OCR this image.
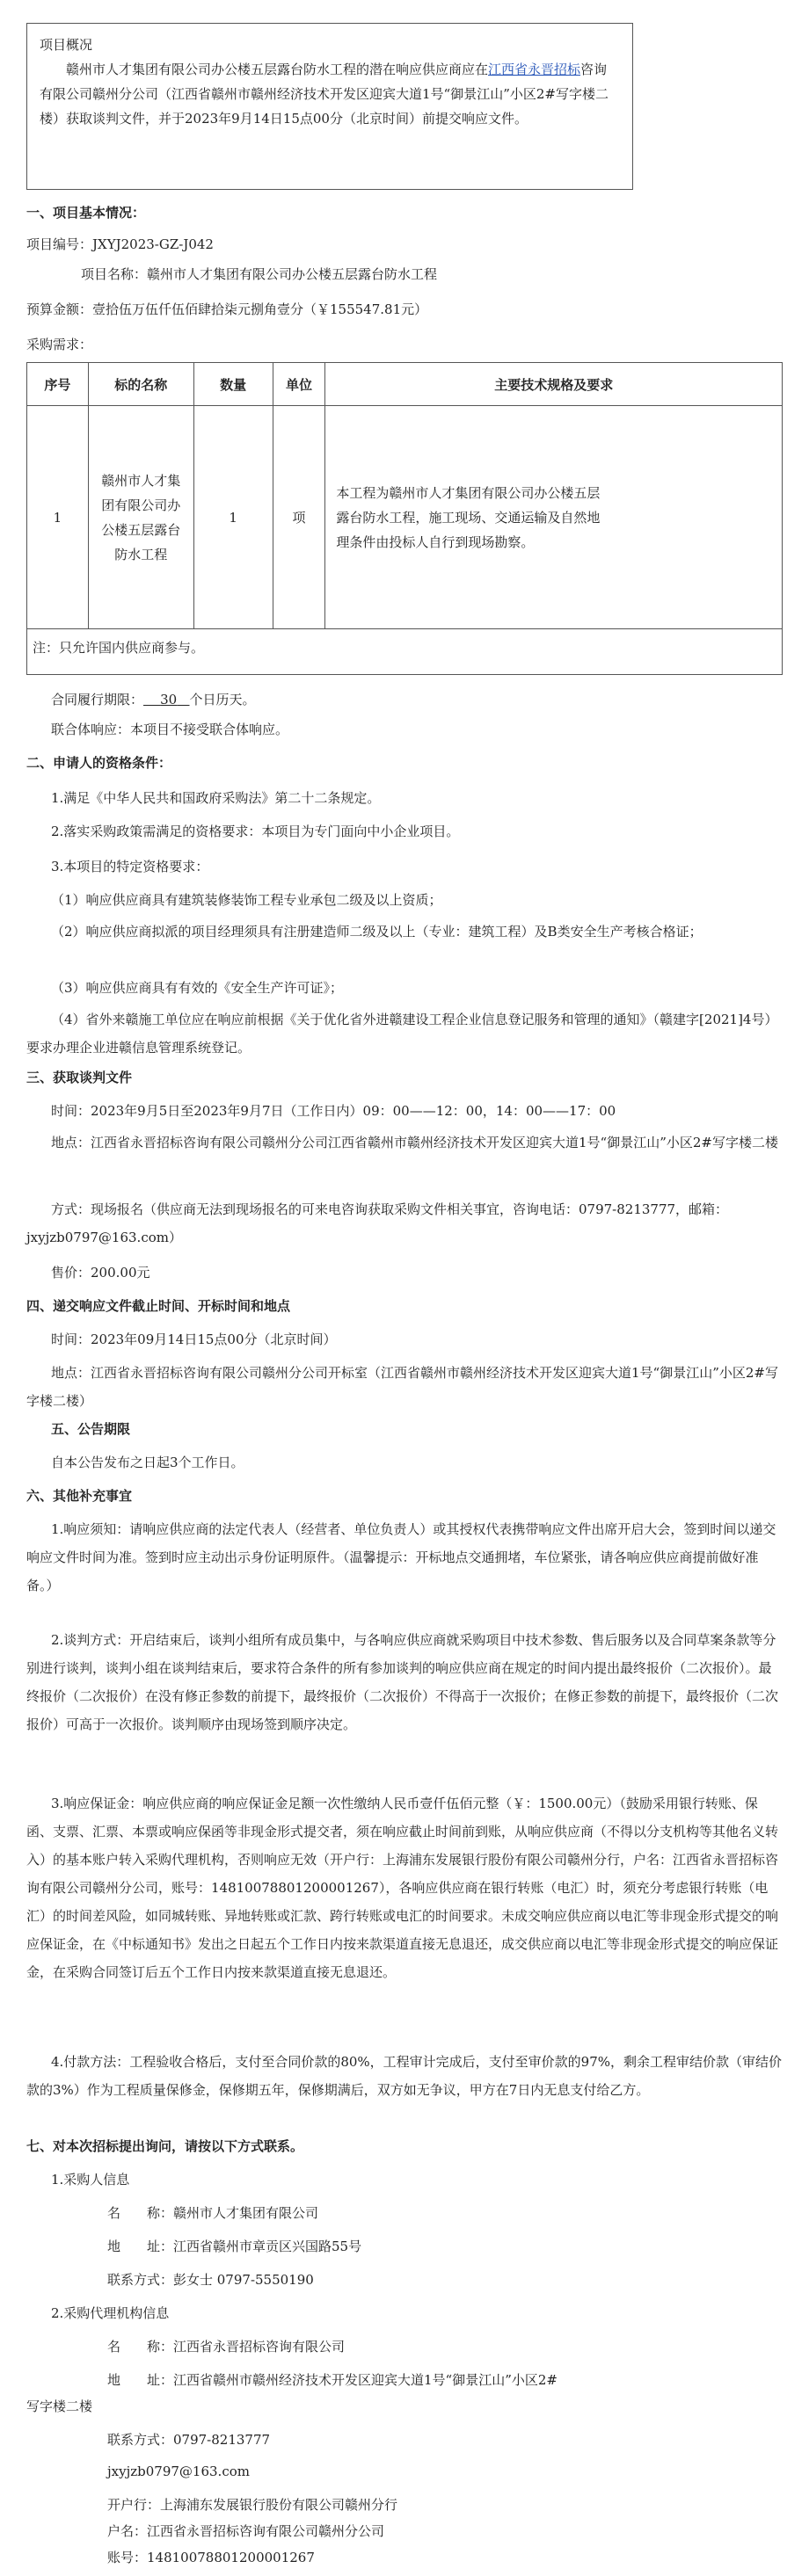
项目概况

赣州市人才集团有限公司办公楼五层露台防水工程的潜在响应供应商应在江西省永晋招标咨询有限公司赣州分公司（江西省赣州市赣州经济技术开发区迎宾大道1号“御景江山”小区2#写字楼二楼）获取谈判文件，并于2023年9月14日15点00分（北京时间）前提交响应文件。

一、项目基本情况：
项目编号：JXYJ2023-GZ-J042
项目名称：赣州市人才集团有限公司办公楼五层露台防水工程
预算金额：壹拾伍万伍仟伍佰肆拾柒元捌角壹分（￥155547.81元）
采购需求：
序号	标的名称	数量	单位	主要技术规格及要求
1	赣州市人才集团有限公司办公楼五层露台防水工程	1	项	本工程为赣州市人才集团有限公司办公楼五层露台防水工程，施工现场、交通运输及自然地理条件由投标人自行到现场勘察。
注：只允许国内供应商参与。
合同履行期限： 30 个日历天。
联合体响应：本项目不接受联合体响应。
二、申请人的资格条件：
1.满足《中华人民共和国政府采购法》第二十二条规定。
2.落实采购政策需满足的资格要求：本项目为专门面向中小企业项目。
3.本项目的特定资格要求：
（1）响应供应商具有建筑装修装饰工程专业承包二级及以上资质；
（2）响应供应商拟派的项目经理须具有注册建造师二级及以上（专业：建筑工程）及B类安全生产考核合格证；
（3）响应供应商具有有效的《安全生产许可证》；
（4）省外来赣施工单位应在响应前根据《关于优化省外进赣建设工程企业信息登记服务和管理的通知》（赣建字[2021]4号）要求办理企业进赣信息管理系统登记。
三、获取谈判文件
时间：2023年9月5日至2023年9月7日（工作日内）09：00——12：00，14：00——17：00
地点：江西省永晋招标咨询有限公司赣州分公司江西省赣州市赣州经济技术开发区迎宾大道1号“御景江山”小区2#写字楼二楼
方式：现场报名（供应商无法到现场报名的可来电咨询获取采购文件相关事宜，咨询电话：0797-8213777，邮箱：jxyjzb0797@163.com）
售价：200.00元
四、递交响应文件截止时间、开标时间和地点
时间：2023年09月14日15点00分（北京时间）
地点：江西省永晋招标咨询有限公司赣州分公司开标室（江西省赣州市赣州经济技术开发区迎宾大道1号“御景江山”小区2#写字楼二楼）
五、公告期限
自本公告发布之日起3个工作日。
六、其他补充事宜
1.响应须知：请响应供应商的法定代表人（经营者、单位负责人）或其授权代表携带响应文件出席开启大会，签到时间以递交响应文件时间为准。签到时应主动出示身份证明原件。（温馨提示：开标地点交通拥堵，车位紧张，请各响应供应商提前做好准备。）
2.谈判方式：开启结束后，谈判小组所有成员集中，与各响应供应商就采购项目中技术参数、售后服务以及合同草案条款等分别进行谈判，谈判小组在谈判结束后，要求符合条件的所有参加谈判的响应供应商在规定的时间内提出最终报价（二次报价）。最终报价（二次报价）在没有修正参数的前提下，最终报价（二次报价）不得高于一次报价；在修正参数的前提下，最终报价（二次报价）可高于一次报价。谈判顺序由现场签到顺序决定。
3.响应保证金：响应供应商的响应保证金足额一次性缴纳人民币壹仟伍佰元整（￥：1500.00元）（鼓励采用银行转账、保函、支票、汇票、本票或响应保函等非现金形式提交者，须在响应截止时间前到账，从响应供应商（不得以分支机构等其他名义转入）的基本账户转入采购代理机构，否则响应无效（开户行：上海浦东发展银行股份有限公司赣州分行，户名：江西省永晋招标咨询有限公司赣州分公司，账号：14810078801200001267），各响应供应商在银行转账（电汇）时，须充分考虑银行转账（电汇）的时间差风险，如同城转账、异地转账或汇款、跨行转账或电汇的时间要求。未成交响应供应商以电汇等非现金形式提交的响应保证金，在《中标通知书》发出之日起五个工作日内按来款渠道直接无息退还，成交供应商以电汇等非现金形式提交的响应保证金，在采购合同签订后五个工作日内按来款渠道直接无息退还。
4.付款方法：工程验收合格后，支付至合同价款的80%，工程审计完成后，支付至审价款的97%，剩余工程审结价款（审结价款的3%）作为工程质量保修金，保修期五年，保修期满后，双方如无争议，甲方在7日内无息支付给乙方。
七、对本次招标提出询问，请按以下方式联系。
1.采购人信息
名　　称：赣州市人才集团有限公司
地　　址：江西省赣州市章贡区兴国路55号
联系方式：彭女士 0797-5550190
2.采购代理机构信息
名　　称：江西省永晋招标咨询有限公司
地　　址：江西省赣州市赣州经济技术开发区迎宾大道1号“御景江山”小区2#
写字楼二楼
联系方式：0797-8213777
jxyjzb0797@163.com
开户行：上海浦东发展银行股份有限公司赣州分行
户名：江西省永晋招标咨询有限公司赣州分公司
账号：14810078801200001267
